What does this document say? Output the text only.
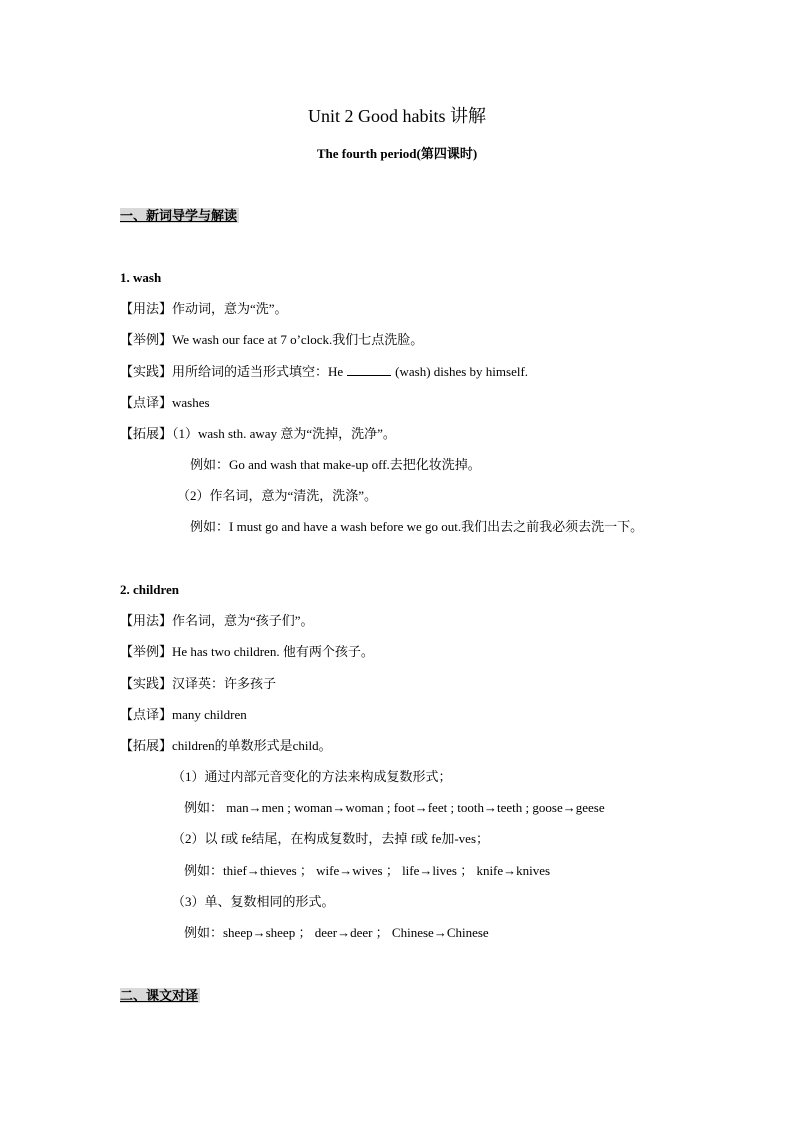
Unit 2 Good habits 讲解
The fourth period(第四课时)
一、新词导学与解读
1. wash
【用法】作动词，意为“洗”。
【举例】We wash our face at 7 o’clock.我们七点洗脸。
【实践】用所给词的适当形式填空：He	(wash) dishes by himself.
【点译】washes
【拓展】（1）wash sth. away 意为“洗掉，洗净”。
例如：Go and wash that make-up off.去把化妆洗掉。
（2）作名词，意为“清洗，洗涤”。
例如：I must go and have a wash before we go out.我们出去之前我必须去洗一下。
2. children
【用法】作名词，意为“孩子们”。
【举例】He has two children. 他有两个孩子。
【实践】汉译英：许多孩子
【点译】many children
【拓展】children的单数形式是child。
（1）通过内部元音变化的方法来构成复数形式；
例如： man→men ; woman→woman ; foot→feet ; tooth→teeth ; goose→geese
（2）以 f或 fe结尾，在构成复数时，去掉 f或 fe加-ves；
例如：thief→thieves ； wife→wives ； life→lives ； knife→knives
（3）单、复数相同的形式。
例如：sheep→sheep ； deer→deer ； Chinese→Chinese
二、课文对译
